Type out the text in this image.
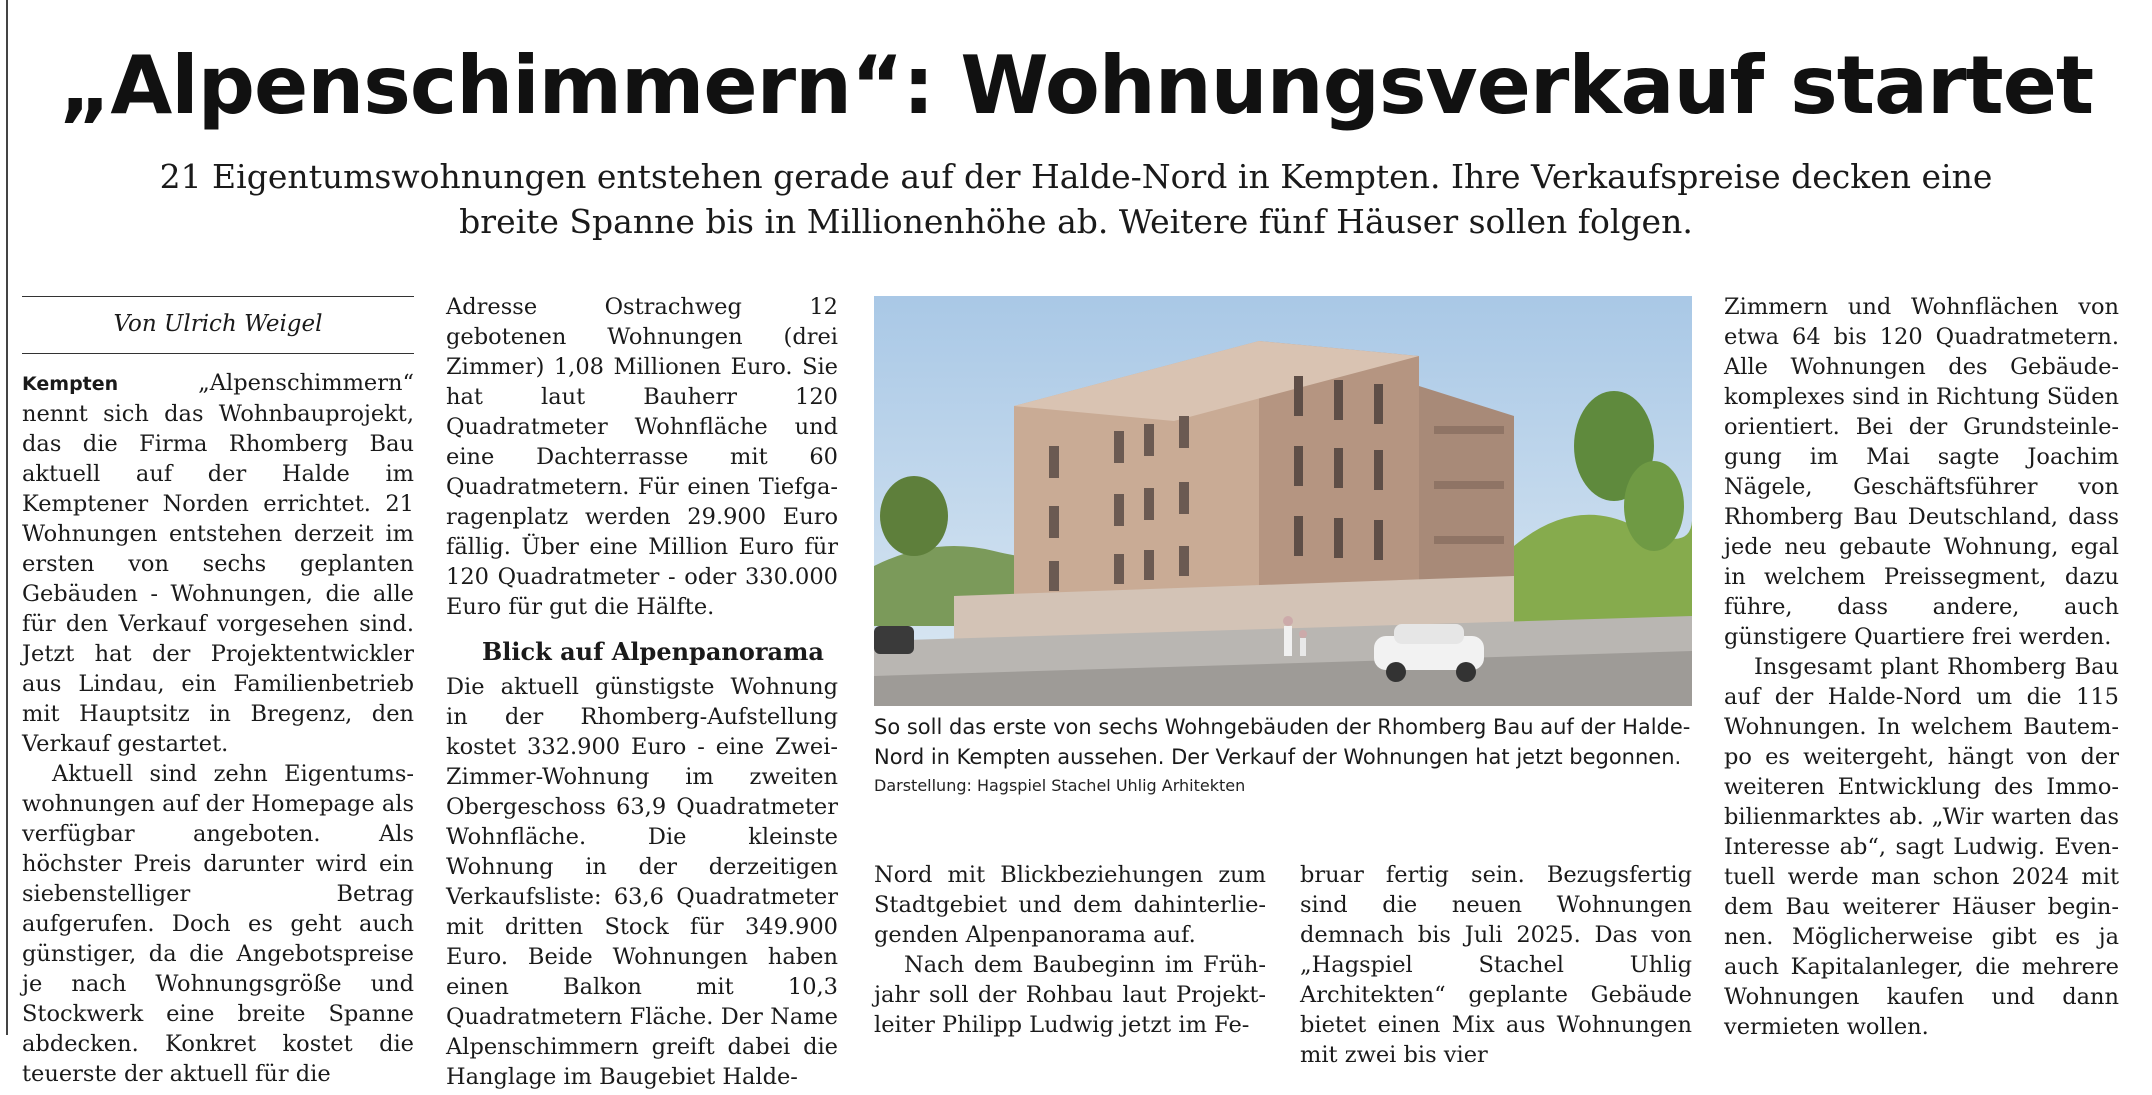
„Alpenschimmern“: Wohnungsverkauf startet

21 Eigentumswohnungen entstehen gerade auf der Halde-Nord in Kempten. Ihre Verkaufspreise decken eine breite Spanne bis in Millionenhöhe ab. Weitere fünf Häuser sollen folgen.

Von Ulrich Weigel

Kempten	„Alpenschimmern“ nennt sich das Wohnbauprojekt, das die Firma Rhomberg Bau aktuell auf der Halde im Kemptener Norden errichtet. 21 Wohnungen entstehen derzeit im ersten von sechs geplanten Gebäuden - Wohnungen, die alle für den Verkauf vorgesehen sind. Jetzt hat der Projektentwickler aus Lindau, ein Familienbetrieb mit Hauptsitz in Bregenz, den Verkauf gestartet.

Aktuell sind zehn Eigentumswohnungen auf der Homepage als verfügbar angeboten. Als höchster Preis darunter wird ein siebenstelliger Betrag aufgerufen. Doch es geht auch günstiger, da die Angebotspreise je nach Wohnungsgröße und Stockwerk eine breite Spanne abdecken. Konkret kostet die teuerste der aktuell für die

Adresse Ostrachweg 12 gebotenen Wohnungen (drei Zimmer) 1,08 Millionen Euro. Sie hat laut Bauherr 120 Quadratmeter Wohnfläche und eine Dachterrasse mit 60 Quadratmetern. Für einen Tiefgaragenplatz werden 29.900 Euro fällig. Über eine Million Euro für 120 Quadratmeter - oder 330.000 Euro für gut die Hälfte.

Blick auf Alpenpanorama

Die aktuell günstigste Wohnung in der Rhomberg-Aufstellung kostet 332.900 Euro - eine Zwei-Zimmer-Wohnung im zweiten Obergeschoss 63,9 Quadratmeter Wohnfläche. Die kleinste Wohnung in der derzeitigen Verkaufsliste: 63,6 Quadratmeter mit dritten Stock für 349.900 Euro. Beide Wohnungen haben einen Balkon mit 10,3 Quadratmetern Fläche. Der Name Alpenschimmern greift dabei die Hanglage im Baugebiet Halde-

So soll das erste von sechs Wohngebäuden der Rhomberg Bau auf der Halde-Nord in Kempten aussehen. Der Verkauf der Wohnungen hat jetzt begonnen.
Darstellung: Hagspiel Stachel Uhlig Arhitekten

Nord mit Blickbeziehungen zum Stadtgebiet und dem dahinterliegenden Alpenpanorama auf.

Nach dem Baubeginn im Frühjahr soll der Rohbau laut Projektleiter Philipp Ludwig jetzt im Fe-

bruar fertig sein. Bezugsfertig sind die neuen Wohnungen demnach bis Juli 2025. Das von „Hagspiel Stachel Uhlig Architekten“ geplante Gebäude bietet einen Mix aus Wohnungen mit zwei bis vier

Zimmern und Wohnflächen von etwa 64 bis 120 Quadratmetern. Alle Wohnungen des Gebäudekomplexes sind in Richtung Süden orientiert. Bei der Grundsteinlegung im Mai sagte Joachim Nägele, Geschäftsführer von Rhomberg Bau Deutschland, dass jede neu gebaute Wohnung, egal in welchem Preissegment, dazu führe, dass andere, auch günstigere Quartiere frei werden.

Insgesamt plant Rhomberg Bau auf der Halde-Nord um die 115 Wohnungen. In welchem Bautempo es weitergeht, hängt von der weiteren Entwicklung des Immobilienmarktes ab. „Wir warten das Interesse ab“, sagt Ludwig. Eventuell werde man schon 2024 mit dem Bau weiterer Häuser beginnen. Möglicherweise gibt es ja auch Kapitalanleger, die mehrere Wohnungen kaufen und dann vermieten wollen.
